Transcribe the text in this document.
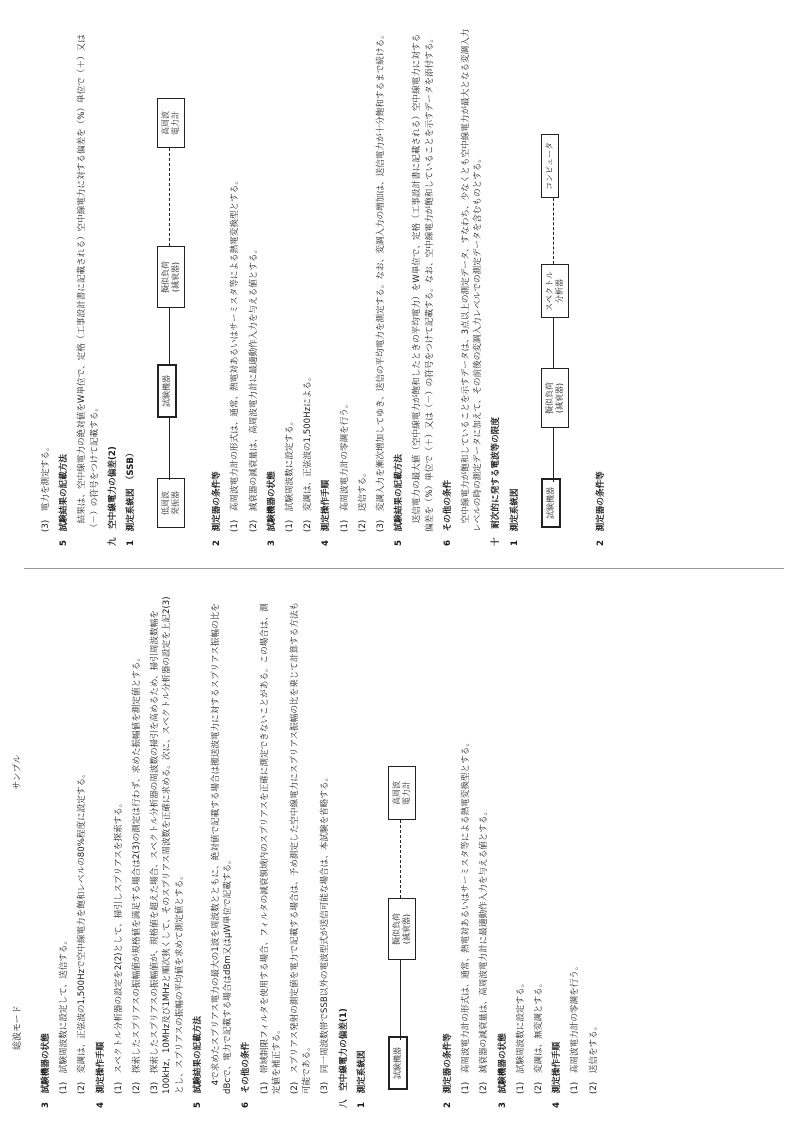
総波モード
サンプル
3　試験機器の状態 (1)　試験周波数に設定して、送信する。 (2)　変調は、正弦波の1,500Hzで空中線電力を飽和レベルの80%程度に設定する。 4　測定操作手順 (1)　スペクトル分析器の設定を2(2)として、掃引しスプリアスを探索する。 (2)　探索したスプリアスの振幅値が規格値を満足する場合は2(3)の測定は行わず、求めた振幅値を測定値とする。 (3)　探索したスプリアスの振幅値が、規格値を超えた場合、スペクトル分析器の周波数の掃引を高めるため、掃引周波数幅を100kHz、10MHz及び1MHzと順次狭くして、そのスプリアス周波数を正確に求める。次に、スペクトル分析器の設定を上記2(3)とし、スプリアスの振幅の平均値を求めて測定値とする。 5　試験結果の記載方法 　4で求めたスプリアス電力の最大の1波を周波数とともに、絶対値で記載する場合は搬送波電力に対するスプリアス振幅の比をdBcで、電力で記載する場合はdBm又はμW単位で記載する。 6　その他の条件 (1)　帯域制限フィルタを使用する場合、フィルタの減衰領域内のスプリアスを正確に測定できないことがある。この場合は、測定値を補正する。 (2)　スプリアス発射の測定値を電力で記載する場合は、予め測定した空中線電力にスプリアス振幅の比を乗じて計算する方法も可能である。 (3)　同一周波数帯でSSB以外の電波型式が送信可能な場合は、本試験を省略する。 八　空中線電力の偏差(1) 1　測定系統図	試験機器
擬似負荷
(減衰器)
高周波
電力計
2　測定器の条件等 (1)　高周波電力計の形式は、通常、熱電対あるいはサーミスタ等による熱電変換型とする。 (2)　減衰器の減衰量は、高周波電力計に最適動作入力を与える値とする。 3　試験機器の状態 (1)　試験周波数に設定する。 (2)　変調は、無変調とする。 4　測定操作手順 (1)　高周波電力計の零調を行う。 (2)　送信をする。
(3)　電力を測定する。 5　試験結果の記載方法 　結果は、空中線電力の絶対値をW単位で、定格（工事設計書に記載される）空中線電力に対する偏差を（%）単位で（＋）又は（－）の符号をつけて記載する。 九　空中線電力の偏差(2) 1　測定系統図　（SSB）	低周波
発振器
試験機器
擬似負荷
(減衰器)
高周波
電力計
2　測定器の条件等 (1)　高周波電力計の形式は、通常、熱電対あるいはサーミスタ等による熱電変換型とする。 (2)　減衰器の減衰量は、高周波電力計に最適動作入力を与える値とする。 3　試験機器の状態 (1)　試験周波数に設定する。 (2)　変調は、正弦波の1,500Hzによる。 4　測定操作手順 (1)　高周波電力計の零調を行う。 (2)　送信する。 (3)　変調入力を漸次増加してゆき、送信の平均電力を測定する。なお、変調入力の増加は、送信電力が十分飽和するまで続ける。 5　試験結果の記載方法 　送信電力の最大値（空中線電力が飽和したときの平均電力）をW単位で、定格（工事設計書に記載される）空中線電力に対する偏差を（%）単位で（＋）又は（－）の符号をつけて記載する。なお、空中線電力が飽和していることを示すデータを添付する。 6　その他の条件 　空中線電力が飽和していることを示すデータは、3点以上の測定データ、すなわち、少なくとも空中線電力が最大となる変調入力レベルの時の測定データに加えて、その前後の変調入力レベルでの測定データを含むものとする。 十　耐次的に発する電波等の限度 1　測定系統図	試験機器
擬似負荷
(減衰器)
スペクトル
分析器
コンピュータ
2　測定器の条件等
